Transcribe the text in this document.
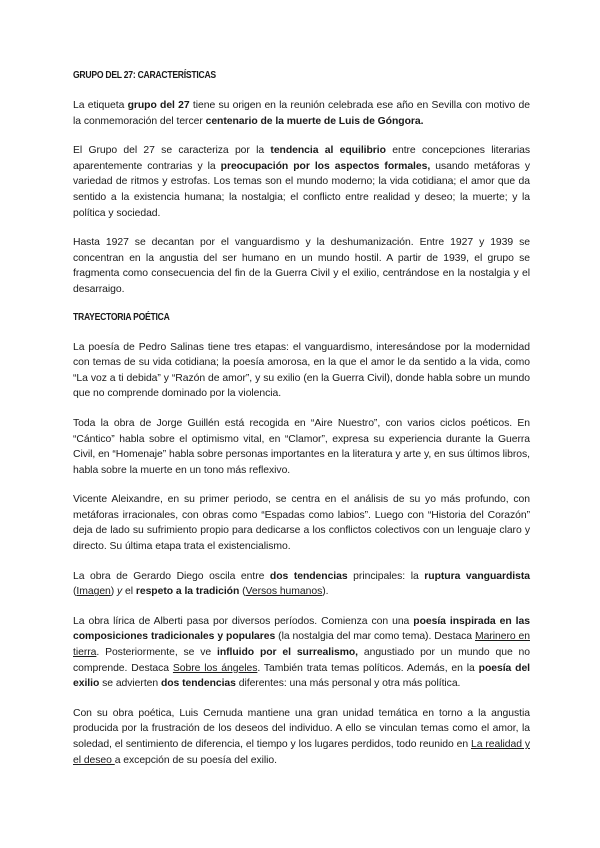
GRUPO DEL 27: CARACTERÍSTICAS

La etiqueta grupo del 27 tiene su origen en la reunión celebrada ese año en Sevilla con motivo de la conmemoración del tercer centenario de la muerte de Luis de Góngora.

El Grupo del 27 se caracteriza por la tendencia al equilibrio entre concepciones literarias aparentemente contrarias y la preocupación por los aspectos formales, usando metáforas y variedad de ritmos y estrofas. Los temas son el mundo moderno; la vida cotidiana; el amor que da sentido a la existencia humana; la nostalgia; el conflicto entre realidad y deseo; la muerte; y la política y sociedad.

Hasta 1927 se decantan por el vanguardismo y la deshumanización. Entre 1927 y 1939 se concentran en la angustia del ser humano en un mundo hostil. A partir de 1939, el grupo se fragmenta como consecuencia del fin de la Guerra Civil y el exilio, centrándose en la nostalgia y el desarraigo.

TRAYECTORIA POÉTICA

La poesía de Pedro Salinas tiene tres etapas: el vanguardismo, interesándose por la modernidad con temas de su vida cotidiana; la poesía amorosa, en la que el amor le da sentido a la vida, como “La voz a ti debida” y “Razón de amor”, y su exilio (en la Guerra Civil), donde habla sobre un mundo que no comprende dominado por la violencia.

Toda la obra de Jorge Guillén está recogida en “Aire Nuestro”, con varios ciclos poéticos. En “Cántico” habla sobre el optimismo vital, en “Clamor”, expresa su experiencia durante la Guerra Civil, en “Homenaje” habla sobre personas importantes en la literatura y arte y, en sus últimos libros, habla sobre la muerte en un tono más reflexivo.

Vicente Aleixandre, en su primer periodo, se centra en el análisis de su yo más profundo, con metáforas irracionales, con obras como “Espadas como labios”. Luego con “Historia del Corazón” deja de lado su sufrimiento propio para dedicarse a los conflictos colectivos con un lenguaje claro y directo. Su última etapa trata el existencialismo.

La obra de Gerardo Diego oscila entre dos tendencias principales: la ruptura vanguardista (Imagen) y el respeto a la tradición (Versos humanos).

La obra lírica de Alberti pasa por diversos períodos. Comienza con una poesía inspirada en las composiciones tradicionales y populares (la nostalgia del mar como tema). Destaca Marinero en tierra. Posteriormente, se ve influido por el surrealismo, angustiado por un mundo que no comprende. Destaca Sobre los ángeles. También trata temas políticos. Además, en la poesía del exilio se advierten dos tendencias diferentes: una más personal y otra más política.

Con su obra poética, Luis Cernuda mantiene una gran unidad temática en torno a la angustia producida por la frustración de los deseos del individuo. A ello se vinculan temas como el amor, la soledad, el sentimiento de diferencia, el tiempo y los lugares perdidos, todo reunido en La realidad y el deseo a excepción de su poesía del exilio.
